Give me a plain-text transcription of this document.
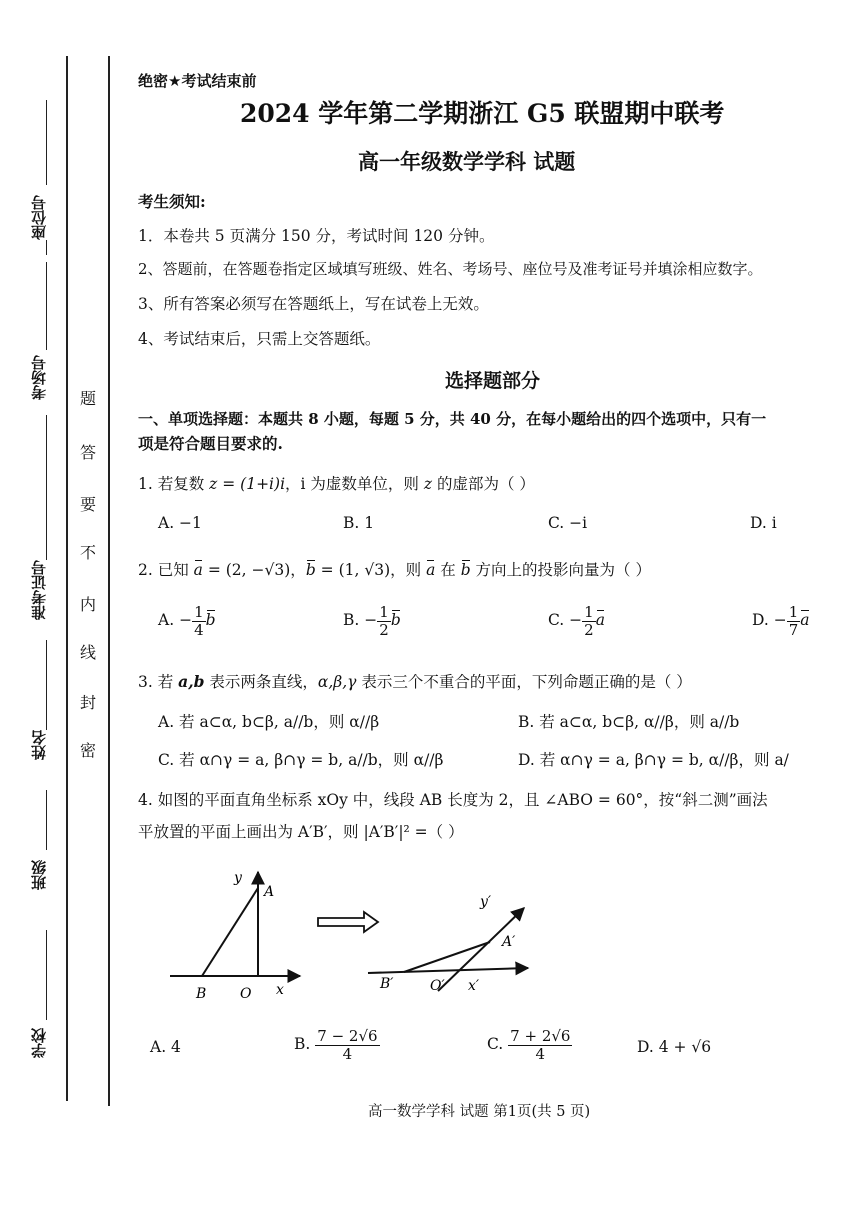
座位号
考场号
准考证号
姓名
班级
学校
题
答
要
不
内
线
封
密
绝密★考试结束前
2024 学年第二学期浙江 G5 联盟期中联考
高一年级数学学科 试题
考生须知:
1．本卷共 5 页满分 150 分，考试时间 120 分钟。
2、答题前，在答题卷指定区域填写班级、姓名、考场号、座位号及准考证号并填涂相应数字。
3、所有答案必须写在答题纸上，写在试卷上无效。
4、考试结束后，只需上交答题纸。
选择题部分
一、单项选择题：本题共 8 小题，每题 5 分，共 40 分，在每小题给出的四个选项中，只有一
项是符合题目要求的.
1. 若复数 z = (1+i)i，i 为虚数单位，则 z 的虚部为（ ）
A. −1	B. 1	C. −i	D. i
2. 已知 a = (2, −√3)，b = (1, √3)，则 a 在 b 方向上的投影向量为（ ）
A. − $\frac{1}{4}$ b	B. − $\frac{1}{2}$ b	C. − $\frac{1}{2}$ a	D. − $\frac{1}{7}$ a
3. 若 a,b 表示两条直线，α,β,γ 表示三个不重合的平面，下列命题正确的是（ ）
A. 若 a⊂α, b⊂β, a//b，则 α//β	B. 若 a⊂α, b⊂β, α//β，则 a//b
C. 若 α∩γ = a, β∩γ = b, a//b，则 α//β	D. 若 α∩γ = a, β∩γ = b, α//β，则 a/
4. 如图的平面直角坐标系 xOy 中，线段 AB 长度为 2，且 ∠ABO = 60°，按“斜二测”画法
平放置的平面上画出为 A′B′，则 |A′B′|² =（ ）
y
A
B O x
y′
A′
B′	O′ x′
A. 4	B. $\frac{7 - 2√6}{4}$	C. $\frac{7 + 2√6}{4}$	D. 4 + √6
高一数学学科 试题 第1页(共 5 页)
